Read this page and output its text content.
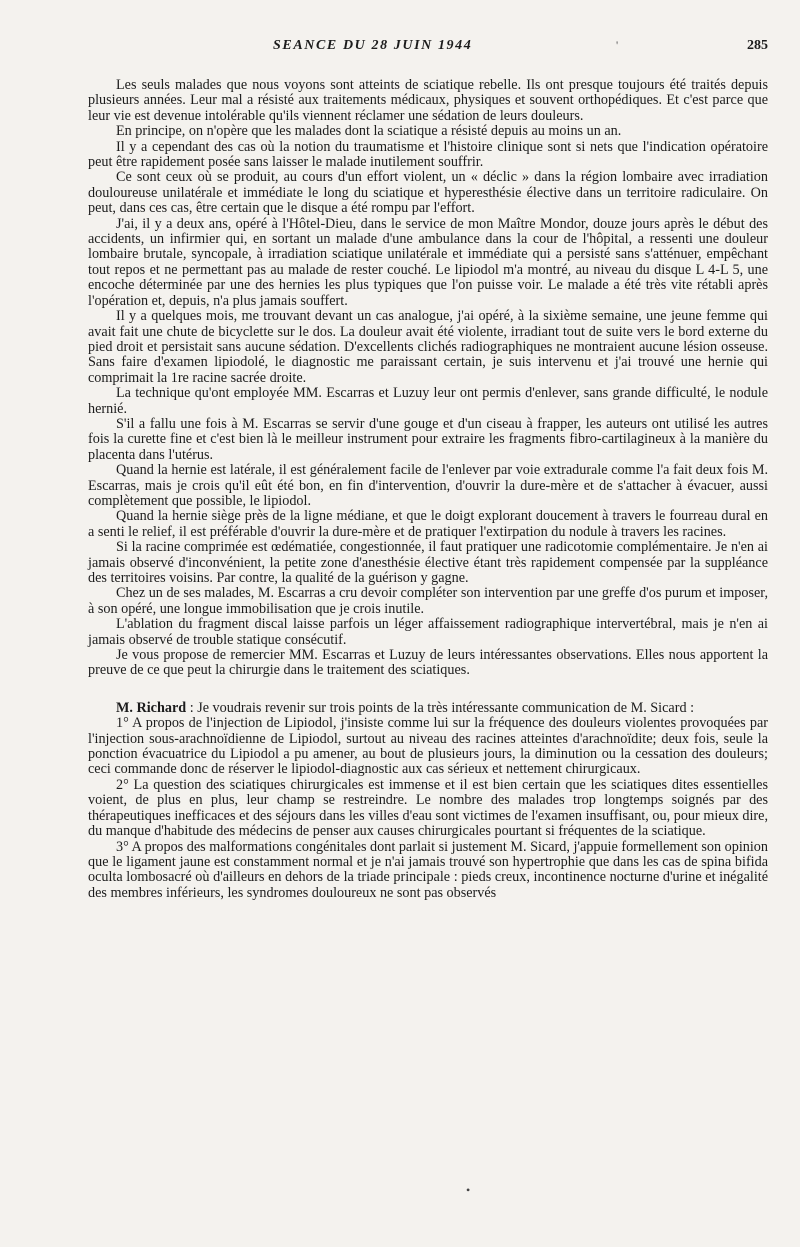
SEANCE DU 28 JUIN 1944	'	285

Les seuls malades que nous voyons sont atteints de sciatique rebelle. Ils ont presque toujours été traités depuis plusieurs années. Leur mal a résisté aux traitements médicaux, physiques et souvent orthopédiques. Et c'est parce que leur vie est devenue intolérable qu'ils viennent réclamer une sédation de leurs douleurs.

En principe, on n'opère que les malades dont la sciatique a résisté depuis au moins un an.

Il y a cependant des cas où la notion du traumatisme et l'histoire clinique sont si nets que l'indication opératoire peut être rapidement posée sans laisser le malade inutilement souffrir.

Ce sont ceux où se produit, au cours d'un effort violent, un « déclic » dans la région lombaire avec irradiation douloureuse unilatérale et immédiate le long du sciatique et hyperesthésie élective dans un territoire radiculaire. On peut, dans ces cas, être certain que le disque a été rompu par l'effort.

J'ai, il y a deux ans, opéré à l'Hôtel-Dieu, dans le service de mon Maître Mondor, douze jours après le début des accidents, un infirmier qui, en sortant un malade d'une ambulance dans la cour de l'hôpital, a ressenti une douleur lombaire brutale, syncopale, à irradiation sciatique unilatérale et immédiate qui a persisté sans s'atténuer, empêchant tout repos et ne permettant pas au malade de rester couché. Le lipiodol m'a montré, au niveau du disque L 4-L 5, une encoche déterminée par une des hernies les plus typiques que l'on puisse voir. Le malade a été très vite rétabli après l'opération et, depuis, n'a plus jamais souffert.

Il y a quelques mois, me trouvant devant un cas analogue, j'ai opéré, à la sixième semaine, une jeune femme qui avait fait une chute de bicyclette sur le dos. La douleur avait été violente, irradiant tout de suite vers le bord externe du pied droit et persistait sans aucune sédation. D'excellents clichés radiographiques ne montraient aucune lésion osseuse. Sans faire d'examen lipiodolé, le diagnostic me paraissant certain, je suis intervenu et j'ai trouvé une hernie qui comprimait la 1re racine sacrée droite.

La technique qu'ont employée MM. Escarras et Luzuy leur ont permis d'enlever, sans grande difficulté, le nodule hernié.

S'il a fallu une fois à M. Escarras se servir d'une gouge et d'un ciseau à frapper, les auteurs ont utilisé les autres fois la curette fine et c'est bien là le meilleur instrument pour extraire les fragments fibro-cartilagineux à la manière du placenta dans l'utérus.

Quand la hernie est latérale, il est généralement facile de l'enlever par voie extradurale comme l'a fait deux fois M. Escarras, mais je crois qu'il eût été bon, en fin d'intervention, d'ouvrir la dure-mère et de s'attacher à évacuer, aussi complètement que possible, le lipiodol.

Quand la hernie siège près de la ligne médiane, et que le doigt explorant doucement à travers le fourreau dural en a senti le relief, il est préférable d'ouvrir la dure-mère et de pratiquer l'extirpation du nodule à travers les racines.

Si la racine comprimée est œdématiée, congestionnée, il faut pratiquer une radicotomie complémentaire. Je n'en ai jamais observé d'inconvénient, la petite zone d'anesthésie élective étant très rapidement compensée par la suppléance des territoires voisins. Par contre, la qualité de la guérison y gagne.

Chez un de ses malades, M. Escarras a cru devoir compléter son intervention par une greffe d'os purum et imposer, à son opéré, une longue immobilisation que je crois inutile.

L'ablation du fragment discal laisse parfois un léger affaissement radiographique intervertébral, mais je n'en ai jamais observé de trouble statique consécutif.

Je vous propose de remercier MM. Escarras et Luzuy de leurs intéressantes observations. Elles nous apportent la preuve de ce que peut la chirurgie dans le traitement des sciatiques.

M. Richard : Je voudrais revenir sur trois points de la très intéressante communication de M. Sicard :

1° A propos de l'injection de Lipiodol, j'insiste comme lui sur la fréquence des douleurs violentes provoquées par l'injection sous-arachnoïdienne de Lipiodol, surtout au niveau des racines atteintes d'arachnoïdite; deux fois, seule la ponction évacuatrice du Lipiodol a pu amener, au bout de plusieurs jours, la diminution ou la cessation des douleurs; ceci commande donc de réserver le lipiodol-diagnostic aux cas sérieux et nettement chirurgicaux.

2° La question des sciatiques chirurgicales est immense et il est bien certain que les sciatiques dites essentielles voient, de plus en plus, leur champ se restreindre. Le nombre des malades trop longtemps soignés par des thérapeutiques inefficaces et des séjours dans les villes d'eau sont victimes de l'examen insuffisant, ou, pour mieux dire, du manque d'habitude des médecins de penser aux causes chirurgicales pourtant si fréquentes de la sciatique.

3° A propos des malformations congénitales dont parlait si justement M. Sicard, j'appuie formellement son opinion que le ligament jaune est constamment normal et je n'ai jamais trouvé son hypertrophie que dans les cas de spina bifida oculta lombosacré où d'ailleurs en dehors de la triade principale : pieds creux, incontinence nocturne d'urine et inégalité des membres inférieurs, les syndromes douloureux ne sont pas observés

•
